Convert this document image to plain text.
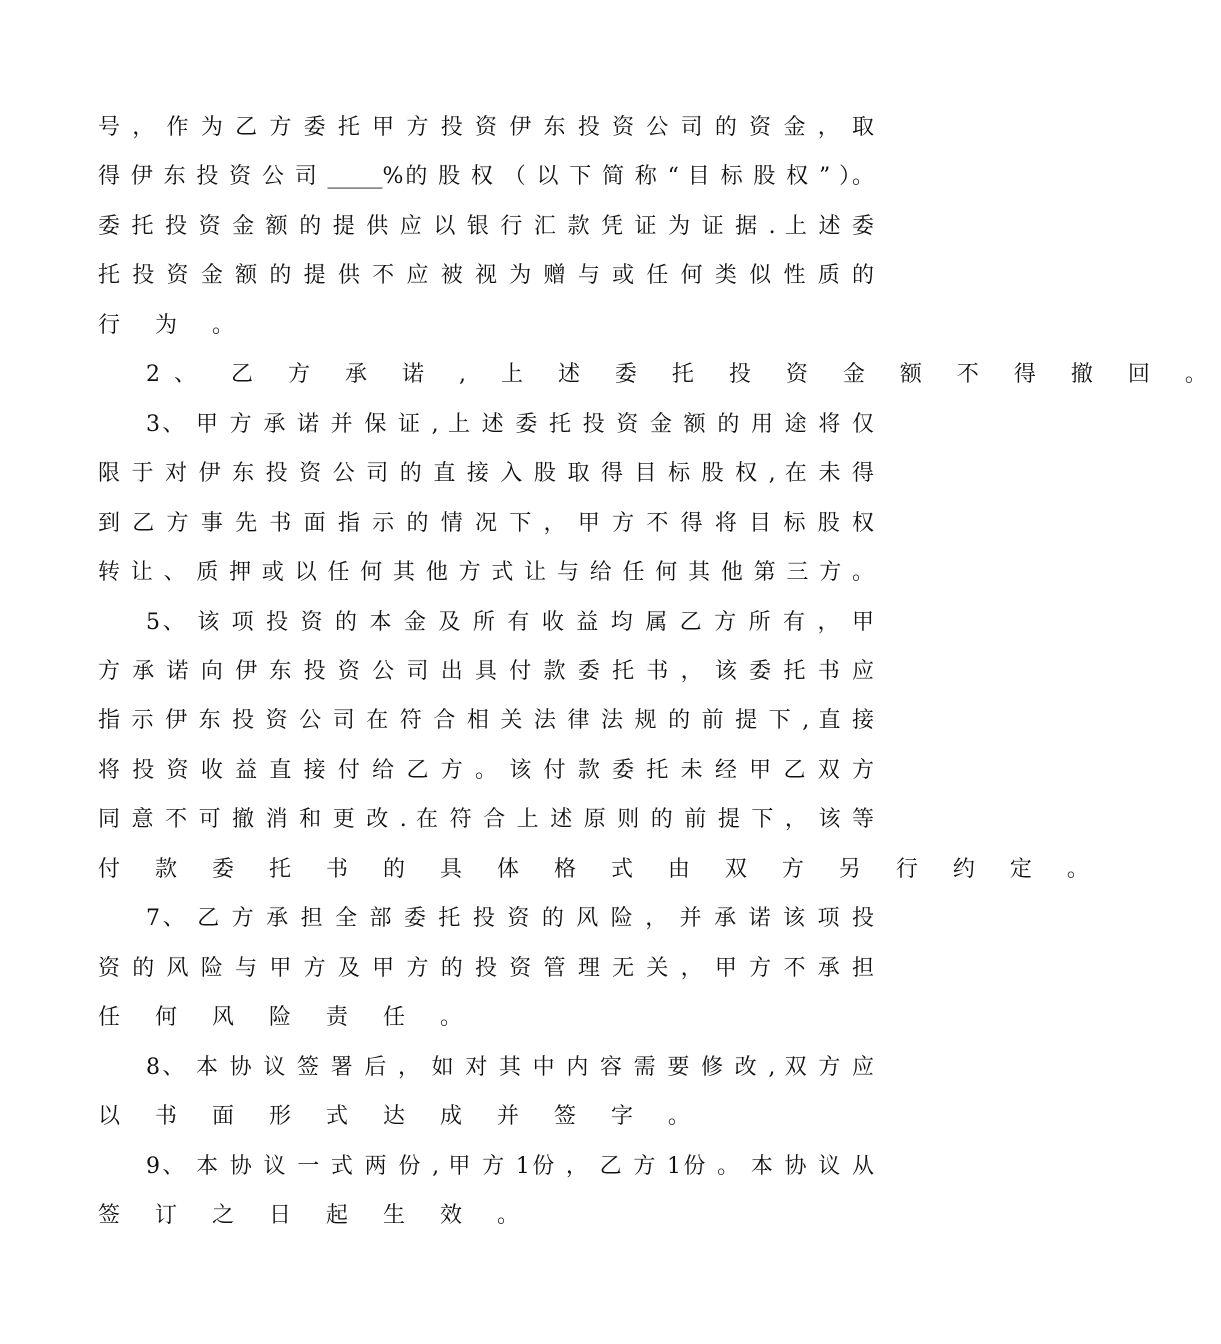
号 ， 作 为 乙 方 委 托 甲 方 投 资 伊 东 投 资 公 司 的 资 金 ， 取
得 伊 东 投 资 公 司 _____%的 股 权 （ 以 下 简 称 “ 目 标 股 权 ” ）。
委 托 投 资 金 额 的 提 供 应 以 银 行 汇 款 凭 证 为 证 据 . 上 述 委
托 投 资 金 额 的 提 供 不 应 被 视 为 赠 与 或 任 何 类 似 性 质 的
行 为 。
2、 乙 方 承 诺 , 上 述 委 托 投 资 金 额 不 得 撤 回 。
3、 甲 方 承 诺 并 保 证 , 上 述 委 托 投 资 金 额 的 用 途 将 仅
限 于 对 伊 东 投 资 公 司 的 直 接 入 股 取 得 目 标 股 权 , 在 未 得
到 乙 方 事 先 书 面 指 示 的 情 况 下 ， 甲 方 不 得 将 目 标 股 权
转 让 、 质 押 或 以 任 何 其 他 方 式 让 与 给 任 何 其 他 第 三 方 。
5、 该 项 投 资 的 本 金 及 所 有 收 益 均 属 乙 方 所 有 ， 甲
方 承 诺 向 伊 东 投 资 公 司 出 具 付 款 委 托 书 ， 该 委 托 书 应
指 示 伊 东 投 资 公 司 在 符 合 相 关 法 律 法 规 的 前 提 下 , 直 接
将 投 资 收 益 直 接 付 给 乙 方 。 该 付 款 委 托 未 经 甲 乙 双 方
同 意 不 可 撤 消 和 更 改 . 在 符 合 上 述 原 则 的 前 提 下 ， 该 等
付 款 委 托 书 的 具 体 格 式 由 双 方 另 行 约 定 。
7、 乙 方 承 担 全 部 委 托 投 资 的 风 险 ， 并 承 诺 该 项 投
资 的 风 险 与 甲 方 及 甲 方 的 投 资 管 理 无 关 ， 甲 方 不 承 担
任 何 风 险 责 任 。
8、 本 协 议 签 署 后 ， 如 对 其 中 内 容 需 要 修 改 , 双 方 应
以 书 面 形 式 达 成 并 签 字 。
9、 本 协 议 一 式 两 份 , 甲 方 1份 ， 乙 方 1份 。 本 协 议 从
签 订 之 日 起 生 效 。
